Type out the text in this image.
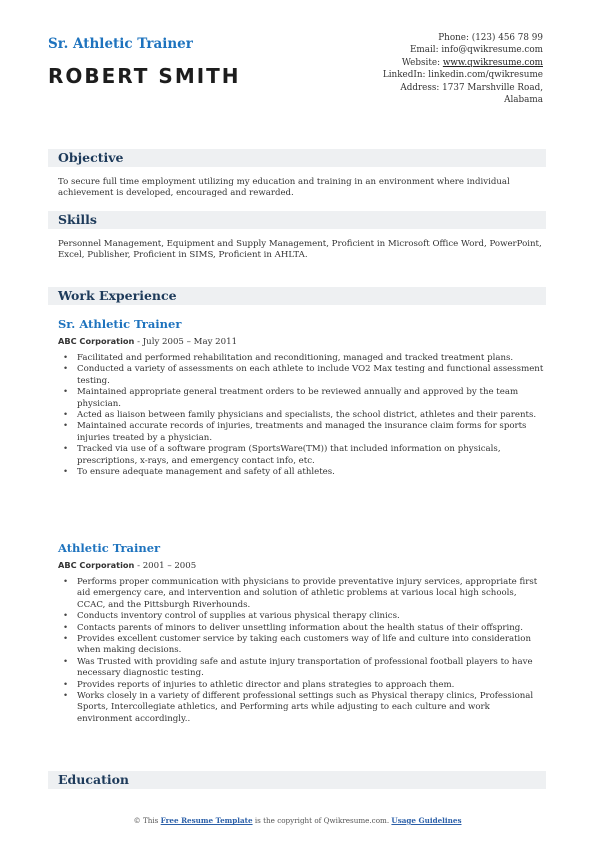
Sr. Athletic Trainer
ROBERT SMITH
Phone: (123) 456 78 99
Email: info@qwikresume.com
Website: www.qwikresume.com
LinkedIn: linkedin.com/qwikresume
Address: 1737 Marshville Road,
Alabama
Objective
To secure full time employment utilizing my education and training in an environment where individual achievement is developed, encouraged and rewarded.
Skills
Personnel Management, Equipment and Supply Management, Proficient in Microsoft Office Word, PowerPoint, Excel, Publisher, Proficient in SIMS, Proficient in AHLTA.
Work Experience
Sr. Athletic Trainer
ABC Corporation - July 2005 – May 2011
• Facilitated and performed rehabilitation and reconditioning, managed and tracked treatment plans.
• Conducted a variety of assessments on each athlete to include VO2 Max testing and functional assessment testing.
• Maintained appropriate general treatment orders to be reviewed annually and approved by the team physician.
• Acted as liaison between family physicians and specialists, the school district, athletes and their parents.
• Maintained accurate records of injuries, treatments and managed the insurance claim forms for sports injuries treated by a physician.
• Tracked via use of a software program (SportsWare(TM)) that included information on physicals, prescriptions, x-rays, and emergency contact info, etc.
• To ensure adequate management and safety of all athletes.
Athletic Trainer
ABC Corporation - 2001 – 2005
• Performs proper communication with physicians to provide preventative injury services, appropriate first aid emergency care, and intervention and solution of athletic problems at various local high schools, CCAC, and the Pittsburgh Riverhounds.
• Conducts inventory control of supplies at various physical therapy clinics.
• Contacts parents of minors to deliver unsettling information about the health status of their offspring.
• Provides excellent customer service by taking each customers way of life and culture into consideration when making decisions.
• Was Trusted with providing safe and astute injury transportation of professional football players to have necessary diagnostic testing.
• Provides reports of injuries to athletic director and plans strategies to approach them.
• Works closely in a variety of different professional settings such as Physical therapy clinics, Professional Sports, Intercollegiate athletics, and Performing arts while adjusting to each culture and work environment accordingly..
Education
© This Free Resume Template is the copyright of Qwikresume.com. Usage Guidelines
